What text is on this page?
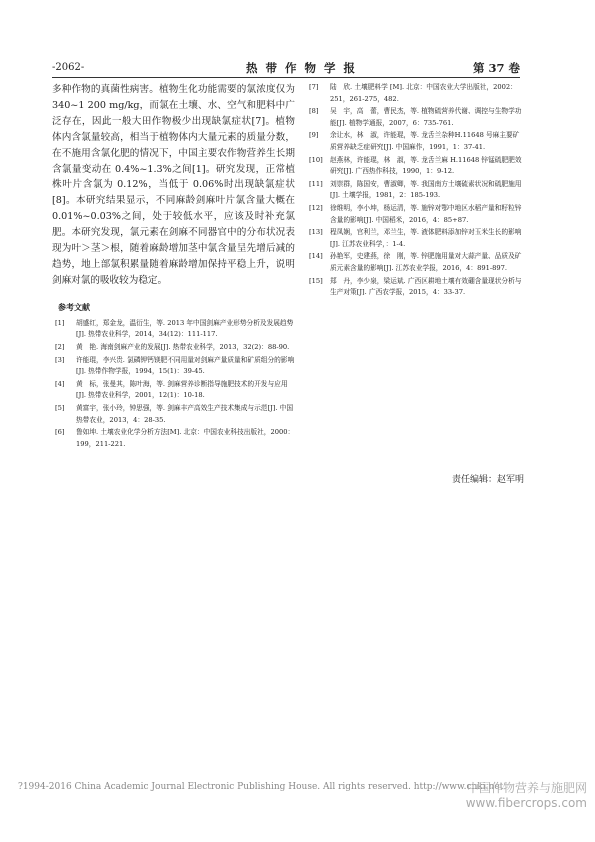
-2062-	热 带 作 物 学 报	第 37 卷

多种作物的真菌性病害。植物生化功能需要的氯浓度仅为 340~1 200 mg/kg，而氯在土壤、水、空气和肥料中广泛存在，因此一般大田作物极少出现缺氯症状[7]。植物体内含氯量较高，相当于植物体内大量元素的质量分数，在不施用含氯化肥的情况下，中国主要农作物营养生长期含氯量变动在 0.4%~1.3%之间[1]。研究发现，正常植株叶片含氯为 0.12%，当低于 0.06%时出现缺氯症状[8]。本研究结果显示，不同麻龄剑麻叶片氯含量大概在 0.01%~0.03%之间，处于较低水平，应该及时补充氯肥。本研究发现，氯元素在剑麻不同器官中的分布状况表现为叶＞茎＞根，随着麻龄增加茎中氯含量呈先增后减的趋势，地上部氯积累量随着麻龄增加保持平稳上升，说明剑麻对氯的吸收较为稳定。

参考文献
[1]	胡盛红，郑金龙，温衍生，等. 2013 年中国剑麻产业形势分析及发展趋势[J]. 热带农业科学，2014，34(12)：111-117.
[2]	黄　艳. 海南剑麻产业的发展[J]. 热带农业科学，2013，32(2)：88-90.
[3]	许能琨，李兴贵. 氯磷钾钙镁肥不同用量对剑麻产量质量和矿质组分的影响[J]. 热带作物学报，1994，15(1)：39-45.
[4]	黄　标，张曼其，陈叶海，等. 剑麻营养诊断指导施肥技术的开发与应用[J]. 热带农业科学，2001，12(1)：10-18.
[5]	黄富宇，张小玲，钟思强，等. 剑麻丰产高效生产技术集成与示范[J]. 中国热带农业，2013，4：28-35.
[6]	鲁如坤. 土壤农业化学分析方法[M]. 北京：中国农业科技出版社，2000：199，211-221.
[7]	陆　欣. 土壤肥料学 [M]. 北京：中国农业大学出版社，2002：251，261-275，482.
[8]	吴　宇，高　蕾，曹民杰，等. 植物硫营养代谢、调控与生物学功能[J]. 植物学通报，2007，6：735-761.
[9]	余让水，林　淑，许能琨，等. 龙舌兰杂种H.11648 号麻主要矿质营养缺乏症研究[J]. 中国麻作，1991，1：37-41.
[10]	赵燕林，许能琨，林　淑，等. 龙舌兰麻 H.11648 锌锰硫肥肥效研究[J]. 广西热作科技，1990，1：9-12.
[11]	刘崇群，陈国安，曹淑卿，等. 我国南方土壤硫素状况和硫肥施用[J]. 土壤学报，1981，2：185-193.
[12]	徐维明，李小坤，杨运清，等. 施锌对鄂中地区水稻产量和籽粒锌含量的影响[J]. 中国稻米，2016，4：85+87.
[13]	程凤娴，官利兰，邓兰生，等. 液体肥料添加锌对玉米生长的影响[J]. 江苏农业科学，：1-4.
[14]	孙艳军，史建燕，徐　刚，等. 锌肥施用量对大蒜产量、品质及矿质元素含量的影响[J]. 江苏农业学报，2016，4：891-897.
[15]	郑　丹，李少泉，梁运斌. 广西区耕地土壤有效硼含量现状分析与生产对策[J]. 广西农学报，2015，4：33-37.
责任编辑：赵军明
?1994-2016 China Academic Journal Electronic Publishing House. All rights reserved. http://www.cnki.net
中国作物营养与施肥网
www.fibercrops.com
